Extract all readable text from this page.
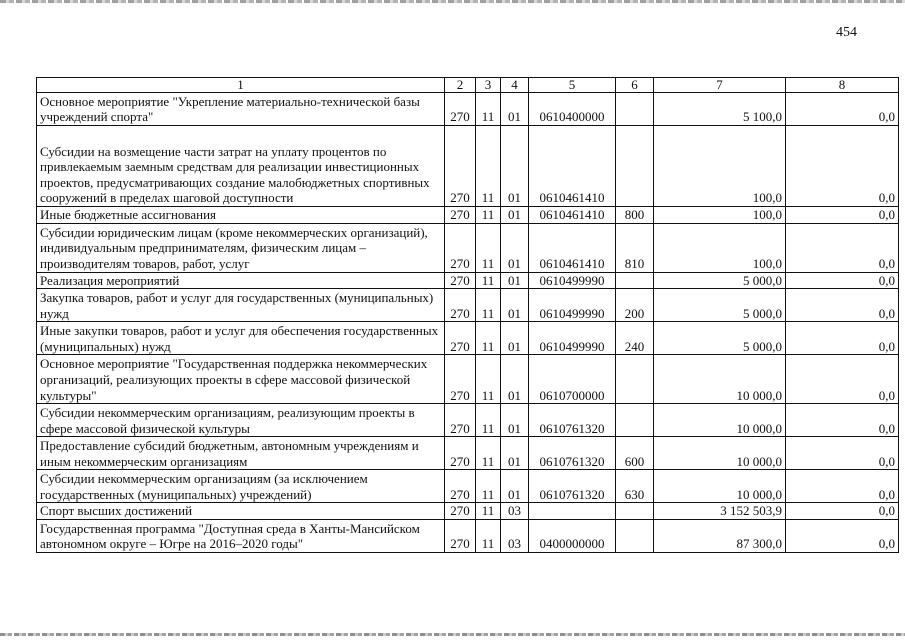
454
1	2	3	4	5	6	7	8
Основное мероприятие "Укрепление материально-технической базы учреждений спорта"	270	11	01	0610400000		5 100,0	0,0
Субсидии на возмещение части затрат на уплату процентов по привлекаемым заемным средствам для реализации инвестиционных проектов, предусматривающих создание малобюджетных спортивных сооружений в пределах шаговой доступности	270	11	01	0610461410		100,0	0,0
Иные бюджетные ассигнования	270	11	01	0610461410	800	100,0	0,0
Субсидии юридическим лицам (кроме некоммерческих организаций), индивидуальным предпринимателям, физическим лицам – производителям товаров, работ, услуг	270	11	01	0610461410	810	100,0	0,0
Реализация мероприятий	270	11	01	0610499990		5 000,0	0,0
Закупка товаров, работ и услуг для государственных (муниципальных) нужд	270	11	01	0610499990	200	5 000,0	0,0
Иные закупки товаров, работ и услуг для обеспечения государственных (муниципальных) нужд	270	11	01	0610499990	240	5 000,0	0,0
Основное мероприятие "Государственная поддержка некоммерческих организаций, реализующих проекты в сфере массовой физической культуры"	270	11	01	0610700000		10 000,0	0,0
Субсидии некоммерческим организациям, реализующим проекты в сфере массовой физической культуры	270	11	01	0610761320		10 000,0	0,0
Предоставление субсидий бюджетным, автономным учреждениям и иным некоммерческим организациям	270	11	01	0610761320	600	10 000,0	0,0
Субсидии некоммерческим организациям (за исключением государственных (муниципальных) учреждений)	270	11	01	0610761320	630	10 000,0	0,0
Спорт высших достижений	270	11	03			3 152 503,9	0,0
Государственная программа "Доступная среда в Ханты-Мансийском автономном округе – Югре на 2016–2020 годы"	270	11	03	0400000000		87 300,0	0,0
